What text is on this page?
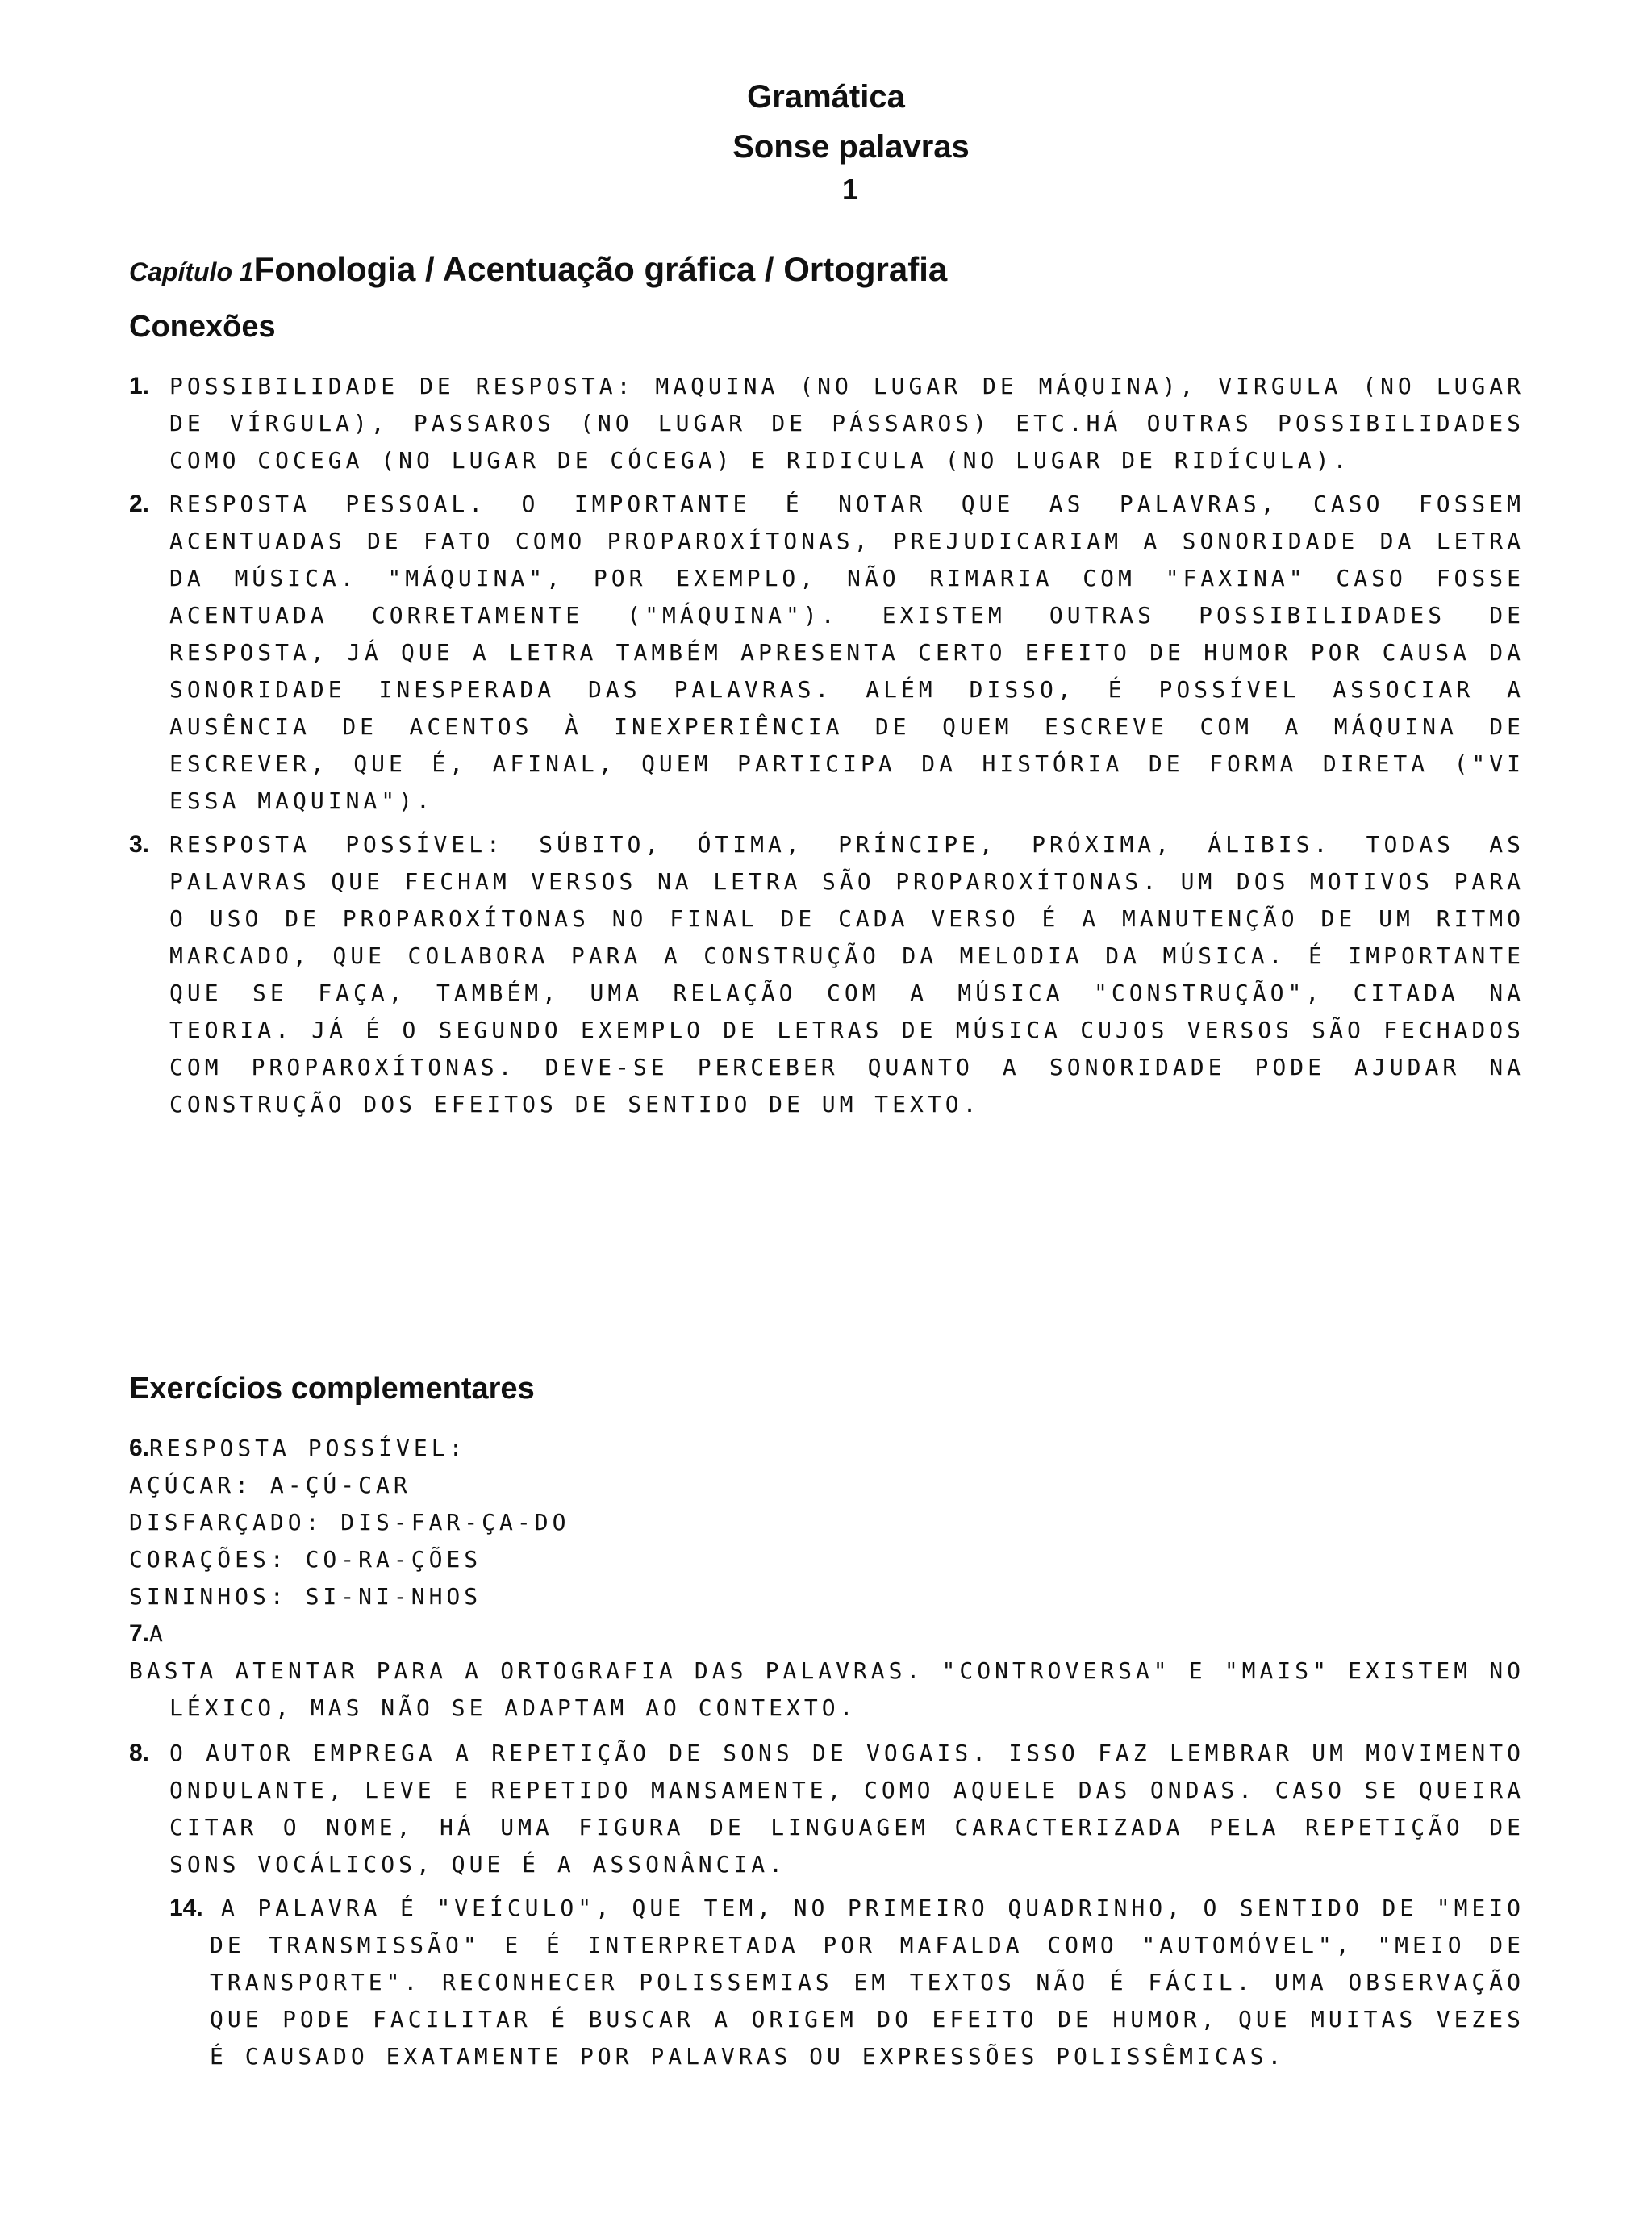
Gramática
Sonse palavras
1
Capítulo 1Fonologia / Acentuação gráfica / Ortografia
Conexões
1. POSSIBILIDADE DE RESPOSTA: MAQUINA (NO LUGAR DE MÁQUINA), VIRGULA (NO LUGAR DE VÍRGULA), PASSAROS (NO LUGAR DE PÁSSAROS) ETC.HÁ OUTRAS POSSIBILIDADES COMO COCEGA (NO LUGAR DE CÓCEGA) E RIDICULA (NO LUGAR DE RIDÍCULA).
2. RESPOSTA PESSOAL. O IMPORTANTE É NOTAR QUE AS PALAVRAS, CASO FOSSEM ACENTUADAS DE FATO COMO PROPAROXÍTONAS, PREJUDICARIAM A SONORIDADE DA LETRA DA MÚSICA. "MÁQUINA", POR EXEMPLO, NÃO RIMARIA COM "FAXINA" CASO FOSSE ACENTUADA CORRETAMENTE ("MÁQUINA"). EXISTEM OUTRAS POSSIBILIDADES DE RESPOSTA, JÁ QUE A LETRA TAMBÉM APRESENTA CERTO EFEITO DE HUMOR POR CAUSA DA SONORIDADE INESPERADA DAS PALAVRAS. ALÉM DISSO, É POSSÍVEL ASSOCIAR A AUSÊNCIA DE ACENTOS À INEXPERIÊNCIA DE QUEM ESCREVE COM A MÁQUINA DE ESCREVER, QUE É, AFINAL, QUEM PARTICIPA DA HISTÓRIA DE FORMA DIRETA ("VI ESSA MAQUINA").
3. RESPOSTA POSSÍVEL: SÚBITO, ÓTIMA, PRÍNCIPE, PRÓXIMA, ÁLIBIS. TODAS AS PALAVRAS QUE FECHAM VERSOS NA LETRA SÃO PROPAROXÍTONAS. UM DOS MOTIVOS PARA O USO DE PROPAROXÍTONAS NO FINAL DE CADA VERSO É A MANUTENÇÃO DE UM RITMO MARCADO, QUE COLABORA PARA A CONSTRUÇÃO DA MELODIA DA MÚSICA. É IMPORTANTE QUE SE FAÇA, TAMBÉM, UMA RELAÇÃO COM A MÚSICA "CONSTRUÇÃO", CITADA NA TEORIA. JÁ É O SEGUNDO EXEMPLO DE LETRAS DE MÚSICA CUJOS VERSOS SÃO FECHADOS COM PROPAROXÍTONAS. DEVE-SE PERCEBER QUANTO A SONORIDADE PODE AJUDAR NA CONSTRUÇÃO DOS EFEITOS DE SENTIDO DE UM TEXTO.
Exercícios complementares

6.RESPOSTA POSSÍVEL:

AÇÚCAR: A-ÇÚ-CAR

DISFARÇADO: DIS-FAR-ÇA-DO

CORAÇÕES: CO-RA-ÇÕES

SININHOS: SI-NI-NHOS

7.A

BASTA ATENTAR PARA A ORTOGRAFIA DAS PALAVRAS. "CONTROVERSA" E "MAIS" EXISTEM NO LÉXICO, MAS NÃO SE ADAPTAM AO CONTEXTO.

8. O AUTOR EMPREGA A REPETIÇÃO DE SONS DE VOGAIS. ISSO FAZ LEMBRAR UM MOVIMENTO ONDULANTE, LEVE E REPETIDO MANSAMENTE, COMO AQUELE DAS ONDAS. CASO SE QUEIRA CITAR O NOME, HÁ UMA FIGURA DE LINGUAGEM CARACTERIZADA PELA REPETIÇÃO DE SONS VOCÁLICOS, QUE É A ASSONÂNCIA.

14. A PALAVRA É "VEÍCULO", QUE TEM, NO PRIMEIRO QUADRINHO, O SENTIDO DE "MEIO DE TRANSMISSÃO" E É INTERPRETADA POR MAFALDA COMO "AUTOMÓVEL", "MEIO DE TRANSPORTE". RECONHECER POLISSEMIAS EM TEXTOS NÃO É FÁCIL. UMA OBSERVAÇÃO QUE PODE FACILITAR É BUSCAR A ORIGEM DO EFEITO DE HUMOR, QUE MUITAS VEZES É CAUSADO EXATAMENTE POR PALAVRAS OU EXPRESSÕES POLISSÊMICAS.
